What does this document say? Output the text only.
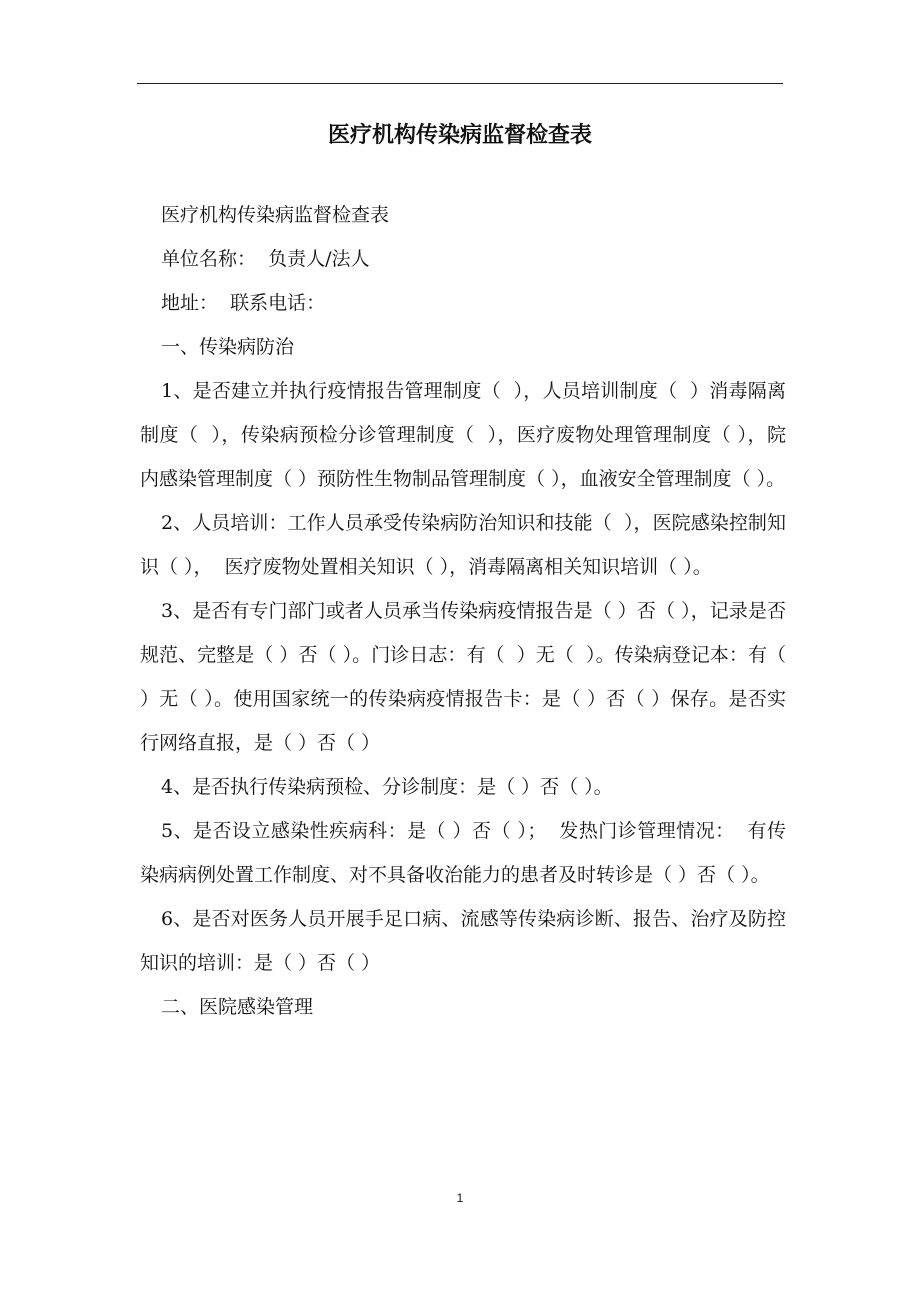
医疗机构传染病监督检查表

医疗机构传染病监督检查表

单位名称：  负责人/法人

地址：  联系电话：

一、传染病防治

1、是否建立并执行疫情报告管理制度（  ），人员培训制度（  ）消毒隔离制度（  ），传染病预检分诊管理制度（  ），医疗废物处理管理制度（ ），院内感染管理制度（ ）预防性生物制品管理制度（ ），血液安全管理制度（ ）。

2、人员培训：工作人员承受传染病防治知识和技能（  ），医院感染控制知识（ ），  医疗废物处置相关知识（ ），消毒隔离相关知识培训（ ）。

3、是否有专门部门或者人员承当传染病疫情报告是（ ）否（ ），记录是否规范、完整是（ ）否（ ）。门诊日志：有（  ）无（  ）。传染病登记本：有（ ）无（ ）。使用国家统一的传染病疫情报告卡：是（ ）否（ ）保存。是否实行网络直报，是（ ）否（ ）

4、是否执行传染病预检、分诊制度：是（ ）否（ ）。

5、是否设立感染性疾病科：是（ ）否（ ）；  发热门诊管理情况：  有传染病病例处置工作制度、对不具备收治能力的患者及时转诊是（ ）否（ ）。

6、是否对医务人员开展手足口病、流感等传染病诊断、报告、治疗及防控知识的培训：是（ ）否（ ）

二、医院感染管理

1
